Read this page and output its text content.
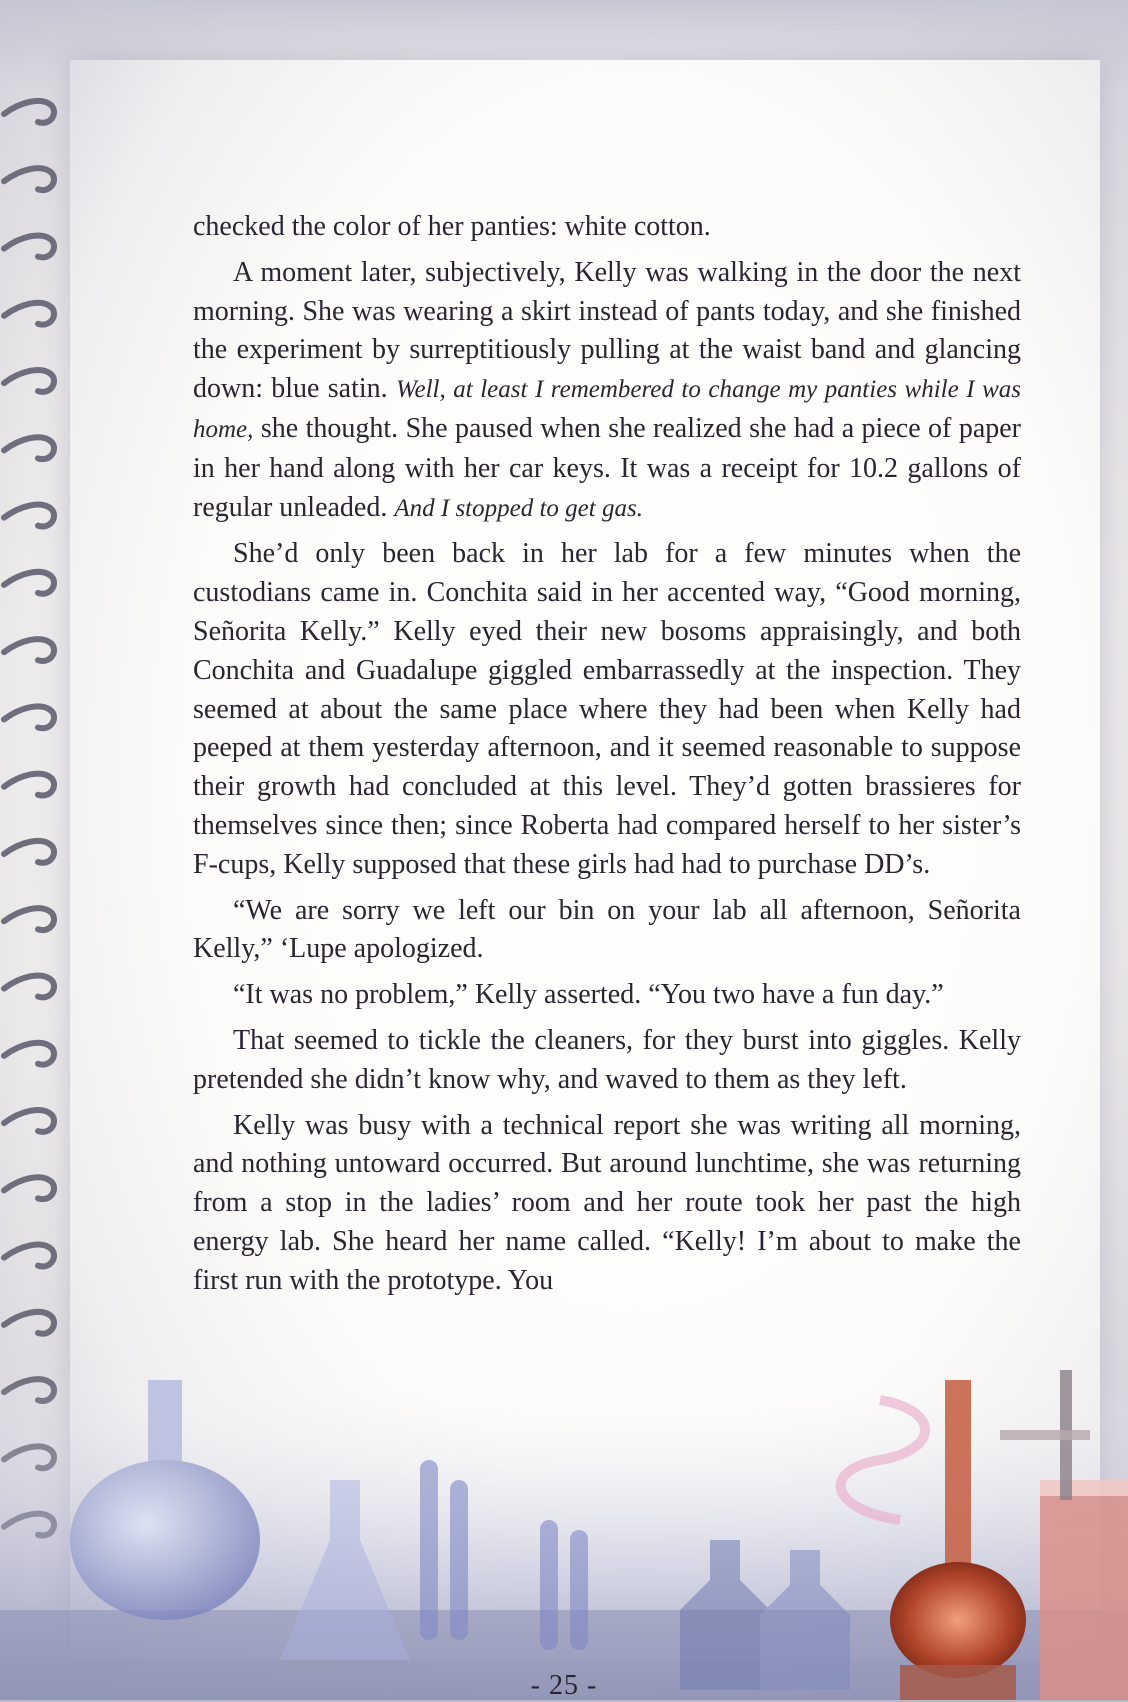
checked the color of her panties: white cotton.

A moment later, subjectively, Kelly was walking in the door the next morning. She was wearing a skirt instead of pants today, and she finished the experiment by surreptitiously pulling at the waist band and glancing down: blue satin. Well, at least I remembered to change my panties while I was home, she thought. She paused when she realized she had a piece of paper in her hand along with her car keys. It was a receipt for 10.2 gallons of regular unleaded. And I stopped to get gas.

She’d only been back in her lab for a few minutes when the custodians came in. Conchita said in her accented way, “Good morning, Señorita Kelly.” Kelly eyed their new bosoms appraisingly, and both Conchita and Guadalupe giggled embarrassedly at the inspection. They seemed at about the same place where they had been when Kelly had peeped at them yesterday afternoon, and it seemed reasonable to suppose their growth had concluded at this level. They’d gotten brassieres for themselves since then; since Roberta had compared herself to her sister’s F-cups, Kelly supposed that these girls had had to purchase DD’s.

“We are sorry we left our bin on your lab all afternoon, Señorita Kelly,” ‘Lupe apologized.

“It was no problem,” Kelly asserted. “You two have a fun day.”

That seemed to tickle the cleaners, for they burst into giggles. Kelly pretended she didn’t know why, and waved to them as they left.

Kelly was busy with a technical report she was writing all morning, and nothing untoward occurred. But around lunchtime, she was returning from a stop in the ladies’ room and her route took her past the high energy lab. She heard her name called. “Kelly! I’m about to make the first run with the prototype. You

- 25 -
